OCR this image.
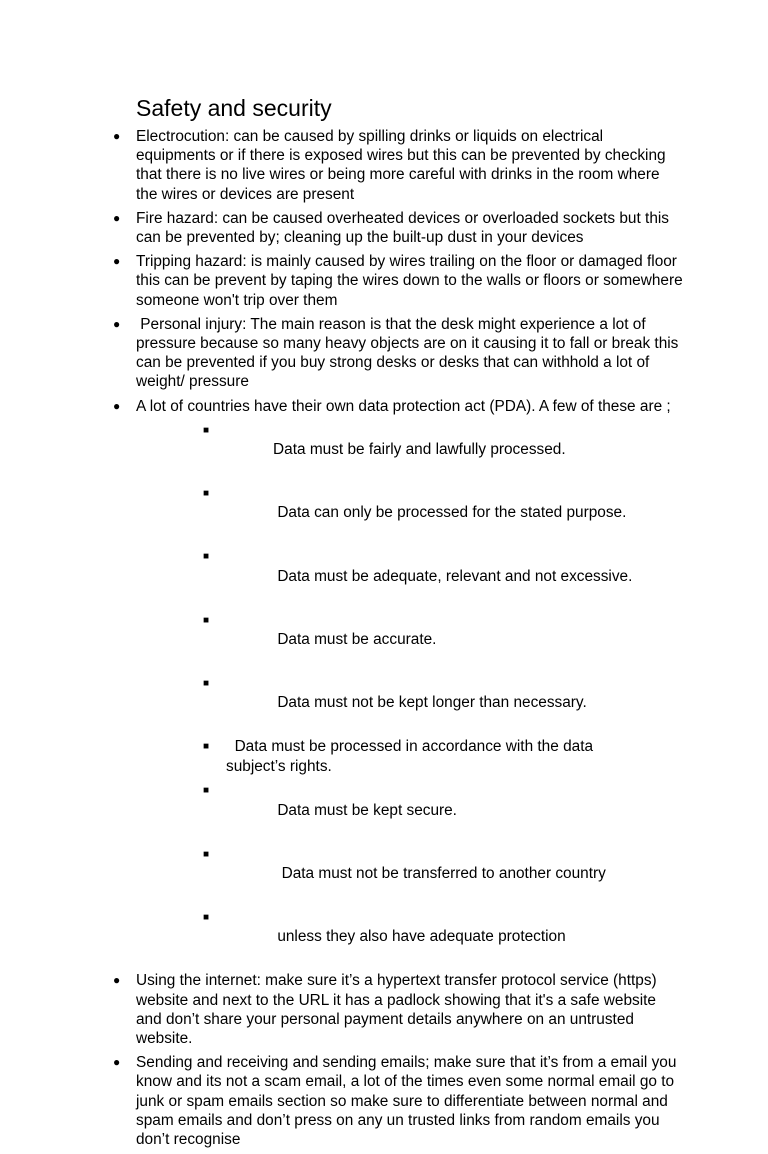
Safety and security
● Electrocution: can be caused by spilling drinks or liquids on electrical equipments or if there is exposed wires but this can be prevented by checking that there is no live wires or being more careful with drinks in the room where the wires or devices are present
● Fire hazard: can be caused overheated devices or overloaded sockets but this can be prevented by; cleaning up the built-up dust in your devices
● Tripping hazard: is mainly caused by wires trailing on the floor or damaged floor this can be prevent by taping the wires down to the walls or floors or somewhere someone won't trip over them
● Personal injury: The main reason is that the desk might experience a lot of pressure because so many heavy objects are on it causing it to fall or break this can be prevented if you buy strong desks or desks that can withhold a lot of weight/ pressure
● A lot of countries have their own data protection act (PDA). A few of these are ;

■
Data must be fairly and lawfully processed.

■
Data can only be processed for the stated purpose.

■
Data must be adequate, relevant and not excessive.

■
Data must be accurate.

■
Data must not be kept longer than necessary.

■	Data must be processed in accordance with the data subject’s rights.

■
Data must be kept secure.

■
Data must not be transferred to another country

■
unless they also have adequate protection

● Using the internet: make sure it’s a hypertext transfer protocol service (https) website and next to the URL it has a padlock showing that it's a safe website and don’t share your personal payment details anywhere on an untrusted website.
● Sending and receiving and sending emails; make sure that it’s from a email you know and its not a scam email, a lot of the times even some normal email go to junk or spam emails section so make sure to differentiate between normal and spam emails and don’t press on any un trusted links from random emails you don’t recognise
